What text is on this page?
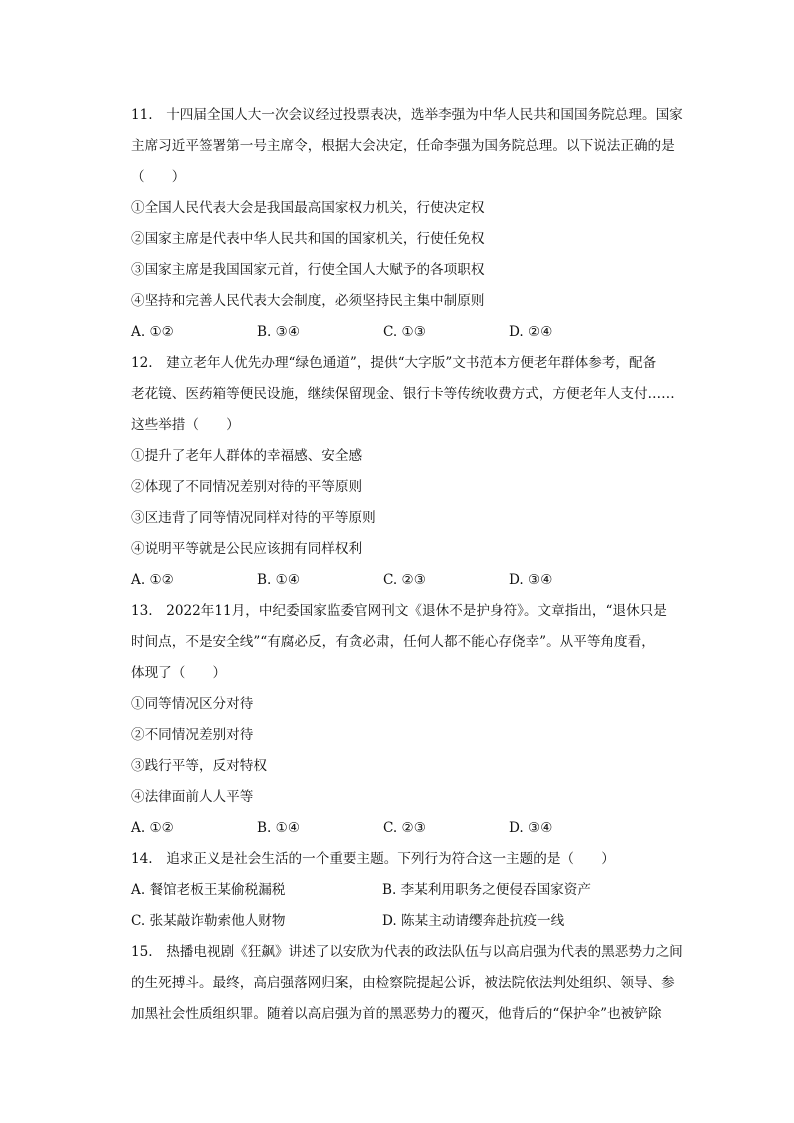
11.　十四届全国人大一次会议经过投票表决，选举李强为中华人民共和国国务院总理。国家
主席习近平签署第一号主席令，根据大会决定，任命李强为国务院总理。以下说法正确的是
（　　）
①全国人民代表大会是我国最高国家权力机关，行使决定权
②国家主席是代表中华人民共和国的国家机关，行使任免权
③国家主席是我国国家元首，行使全国人大赋予的各项职权
④坚持和完善人民代表大会制度，必须坚持民主集中制原则
A. ①②	B. ③④	C. ①③	D. ②④
12.　建立老年人优先办理“绿色通道”，提供“大字版”文书范本方便老年群体参考，配备
老花镜、医药箱等便民设施，继续保留现金、银行卡等传统收费方式，方便老年人支付……
这些举措（　　）
①提升了老年人群体的幸福感、安全感
②体现了不同情况差别对待的平等原则
③区违背了同等情况同样对待的平等原则
④说明平等就是公民应该拥有同样权利
A. ①②	B. ①④	C. ②③	D. ③④
13.　2022年11月，中纪委国家监委官网刊文《退休不是护身符》。文章指出，“退休只是
时间点，不是安全线”“有腐必反，有贪必肃，任何人都不能心存侥幸”。从平等角度看，
体现了（　　）
①同等情况区分对待
②不同情况差别对待
③践行平等，反对特权
④法律面前人人平等
A. ①②	B. ①④	C. ②③	D. ③④
14.　追求正义是社会生活的一个重要主题。下列行为符合这一主题的是（　　）
A. 餐馆老板王某偷税漏税	B. 李某利用职务之便侵吞国家资产
C. 张某敲诈勒索他人财物	D. 陈某主动请缨奔赴抗疫一线
15.　热播电视剧《狂飙》讲述了以安欣为代表的政法队伍与以高启强为代表的黑恶势力之间
的生死搏斗。最终，高启强落网归案，由检察院提起公诉，被法院依法判处组织、领导、参
加黑社会性质组织罪。随着以高启强为首的黑恶势力的覆灭，他背后的“保护伞”也被铲除
